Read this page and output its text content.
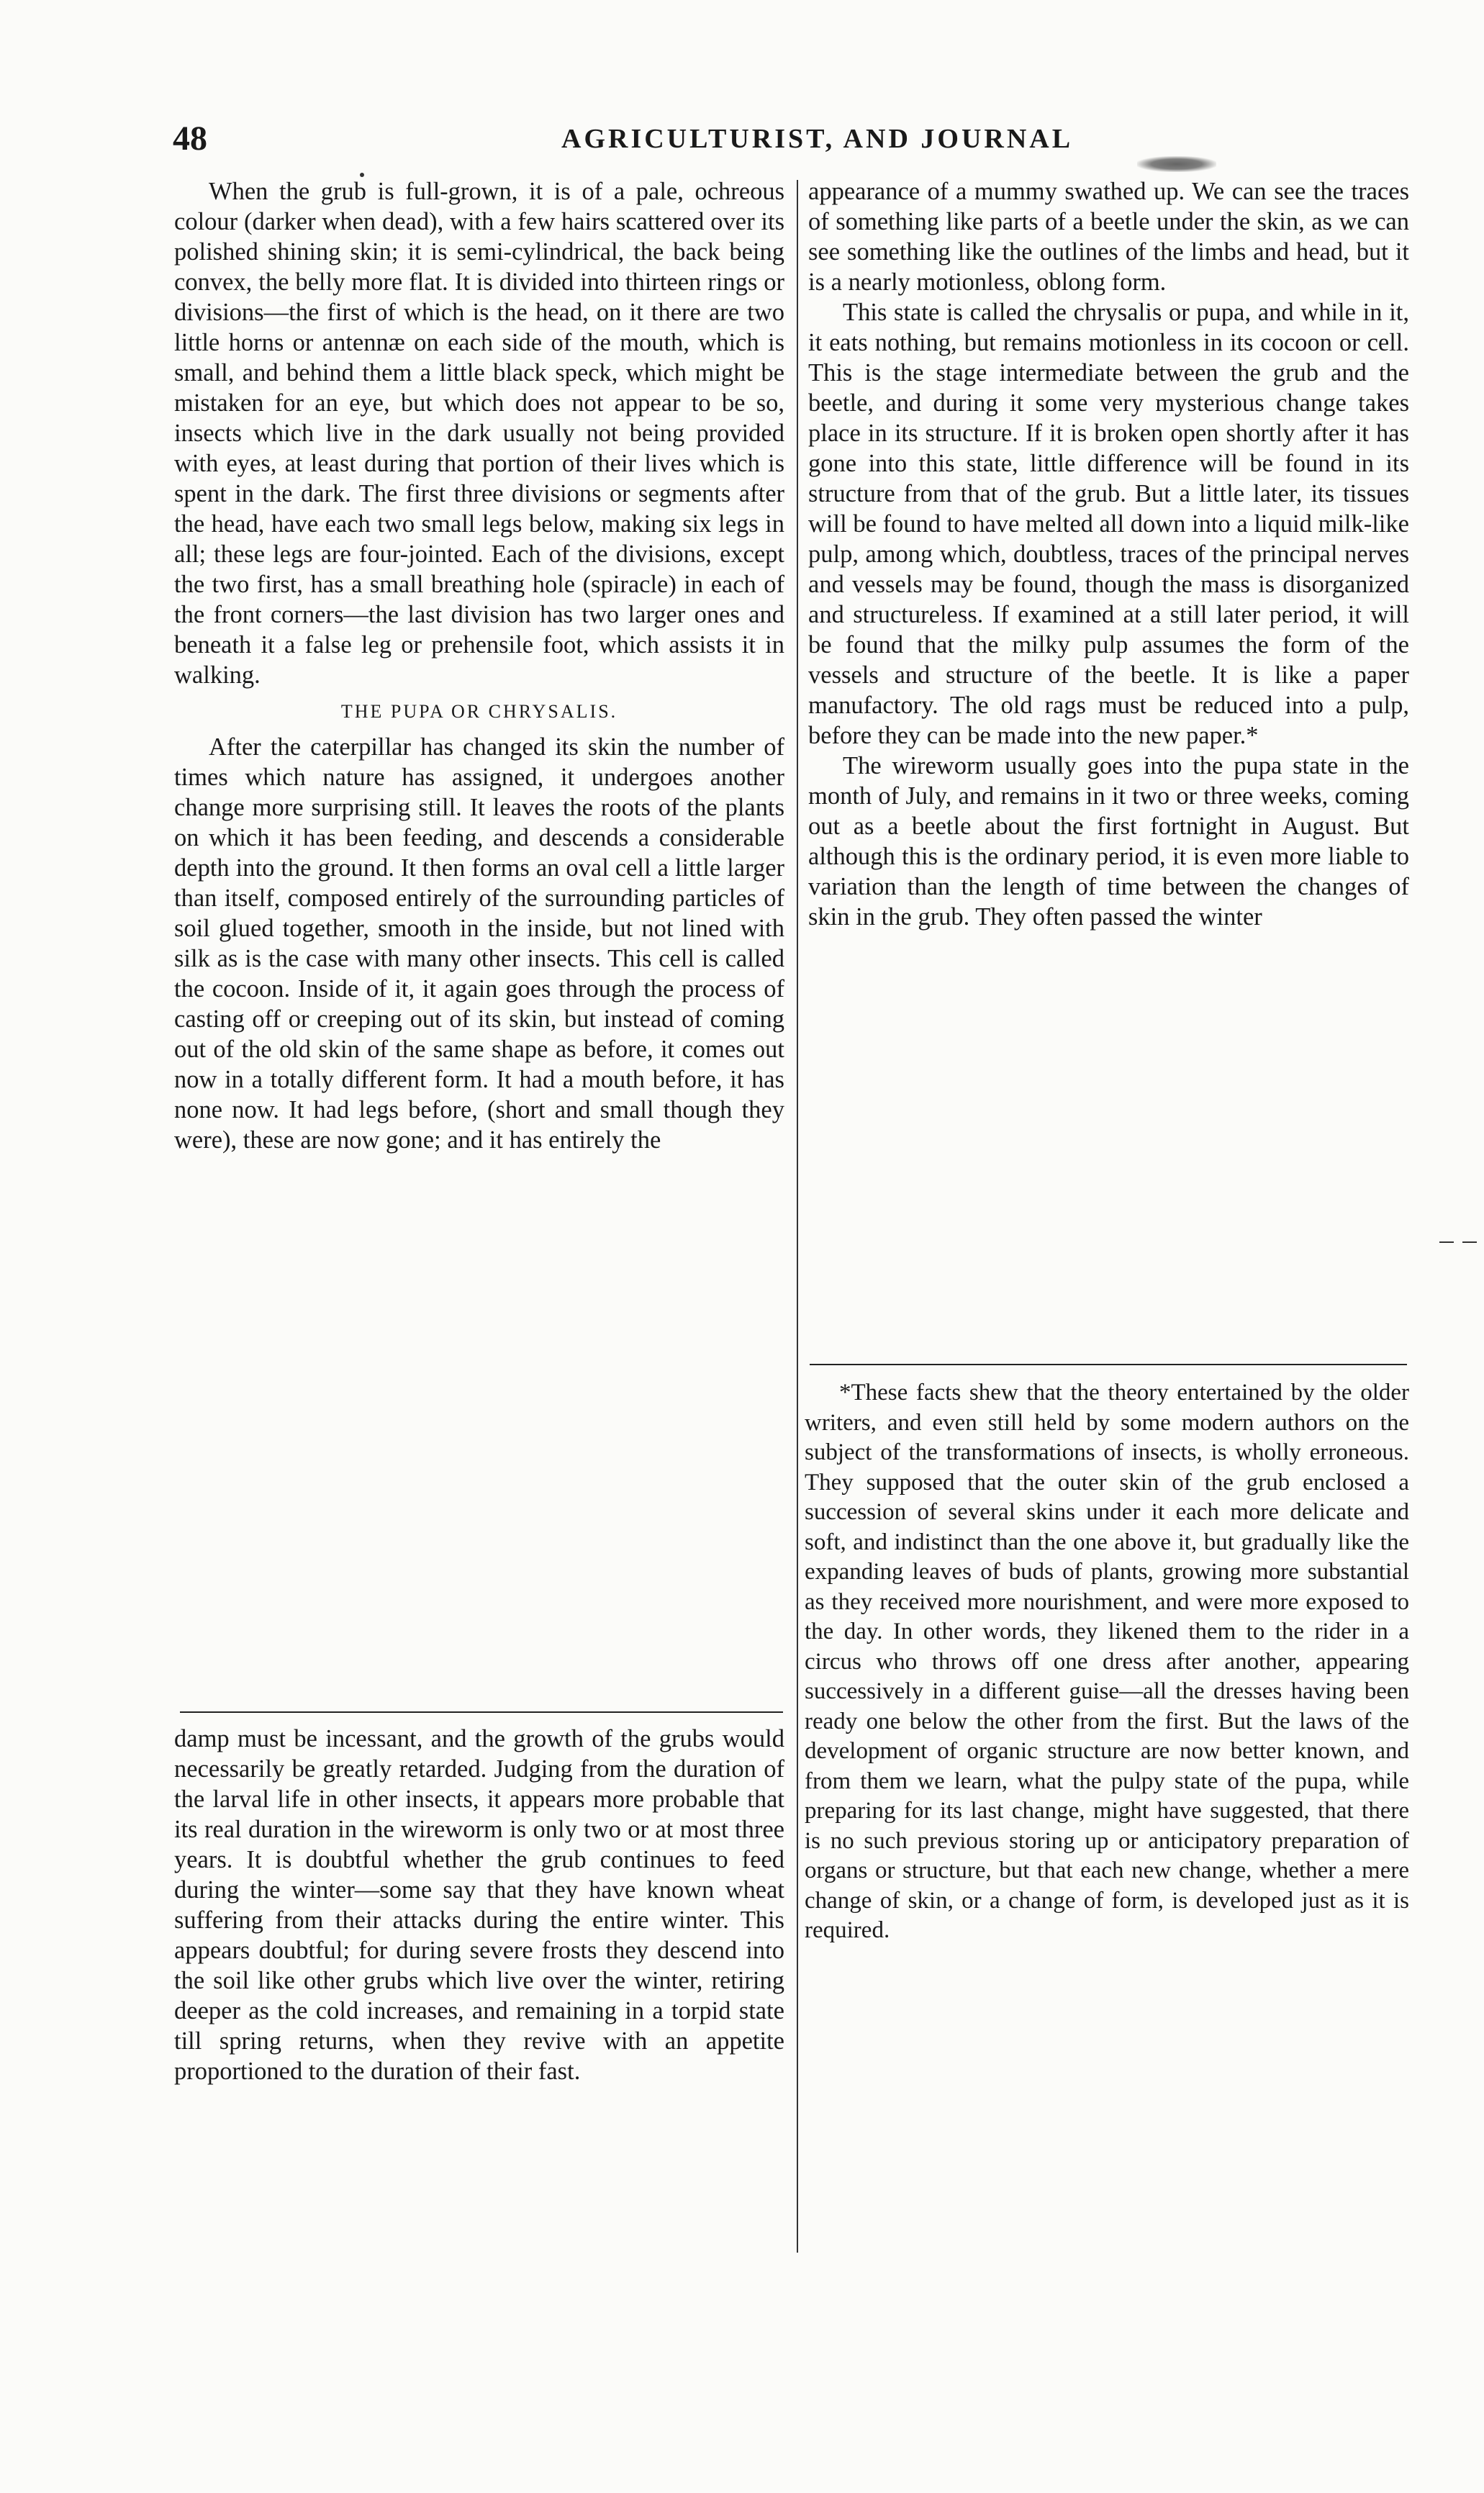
48	AGRICULTURIST, AND JOURNAL

When the grub is full-grown, it is of a pale, ochreous colour (darker when dead), with a few hairs scattered over its polished shining skin; it is semi-cylindrical, the back being convex, the belly more flat. It is divided into thirteen rings or divisions—the first of which is the head, on it there are two little horns or antennæ on each side of the mouth, which is small, and behind them a little black speck, which might be mistaken for an eye, but which does not appear to be so, insects which live in the dark usually not being provided with eyes, at least during that portion of their lives which is spent in the dark. The first three divisions or segments after the head, have each two small legs below, making six legs in all; these legs are four-jointed. Each of the divisions, except the two first, has a small breathing hole (spiracle) in each of the front corners—the last division has two larger ones and beneath it a false leg or prehensile foot, which assists it in walking.

THE PUPA OR CHRYSALIS.

After the caterpillar has changed its skin the number of times which nature has assigned, it undergoes another change more surprising still. It leaves the roots of the plants on which it has been feeding, and descends a considerable depth into the ground. It then forms an oval cell a little larger than itself, composed entirely of the surrounding particles of soil glued together, smooth in the inside, but not lined with silk as is the case with many other insects. This cell is called the cocoon. Inside of it, it again goes through the process of casting off or creeping out of its skin, but instead of coming out of the old skin of the same shape as before, it comes out now in a totally different form. It had a mouth before, it has none now. It had legs before, (short and small though they were), these are now gone; and it has entirely the

appearance of a mummy swathed up. We can see the traces of something like parts of a beetle under the skin, as we can see something like the outlines of the limbs and head, but it is a nearly motionless, oblong form.

This state is called the chrysalis or pupa, and while in it, it eats nothing, but remains motionless in its cocoon or cell. This is the stage intermediate between the grub and the beetle, and during it some very mysterious change takes place in its structure. If it is broken open shortly after it has gone into this state, little difference will be found in its structure from that of the grub. But a little later, its tissues will be found to have melted all down into a liquid milk-like pulp, among which, doubtless, traces of the principal nerves and vessels may be found, though the mass is disorganized and structureless. If examined at a still later period, it will be found that the milky pulp assumes the form of the vessels and structure of the beetle. It is like a paper manufactory. The old rags must be reduced into a pulp, before they can be made into the new paper.*

The wireworm usually goes into the pupa state in the month of July, and remains in it two or three weeks, coming out as a beetle about the first fortnight in August. But although this is the ordinary period, it is even more liable to variation than the length of time between the changes of skin in the grub. They often passed the winter

*These facts shew that the theory entertained by the older writers, and even still held by some modern authors on the subject of the transformations of insects, is wholly erroneous. They supposed that the outer skin of the grub enclosed a succession of several skins under it each more delicate and soft, and indistinct than the one above it, but gradually like the expanding leaves of buds of plants, growing more substantial as they received more nourishment, and were more exposed to the day. In other words, they likened them to the rider in a circus who throws off one dress after another, appearing successively in a different guise—all the dresses having been ready one below the other from the first. But the laws of the development of organic structure are now better known, and from them we learn, what the pulpy state of the pupa, while preparing for its last change, might have suggested, that there is no such previous storing up or anticipatory preparation of organs or structure, but that each new change, whether a mere change of skin, or a change of form, is developed just as it is required.

damp must be incessant, and the growth of the grubs would necessarily be greatly retarded. Judging from the duration of the larval life in other insects, it appears more probable that its real duration in the wireworm is only two or at most three years. It is doubtful whether the grub continues to feed during the winter—some say that they have known wheat suffering from their attacks during the entire winter. This appears doubtful; for during severe frosts they descend into the soil like other grubs which live over the winter, retiring deeper as the cold increases, and remaining in a torpid state till spring returns, when they revive with an appetite proportioned to the duration of their fast.
